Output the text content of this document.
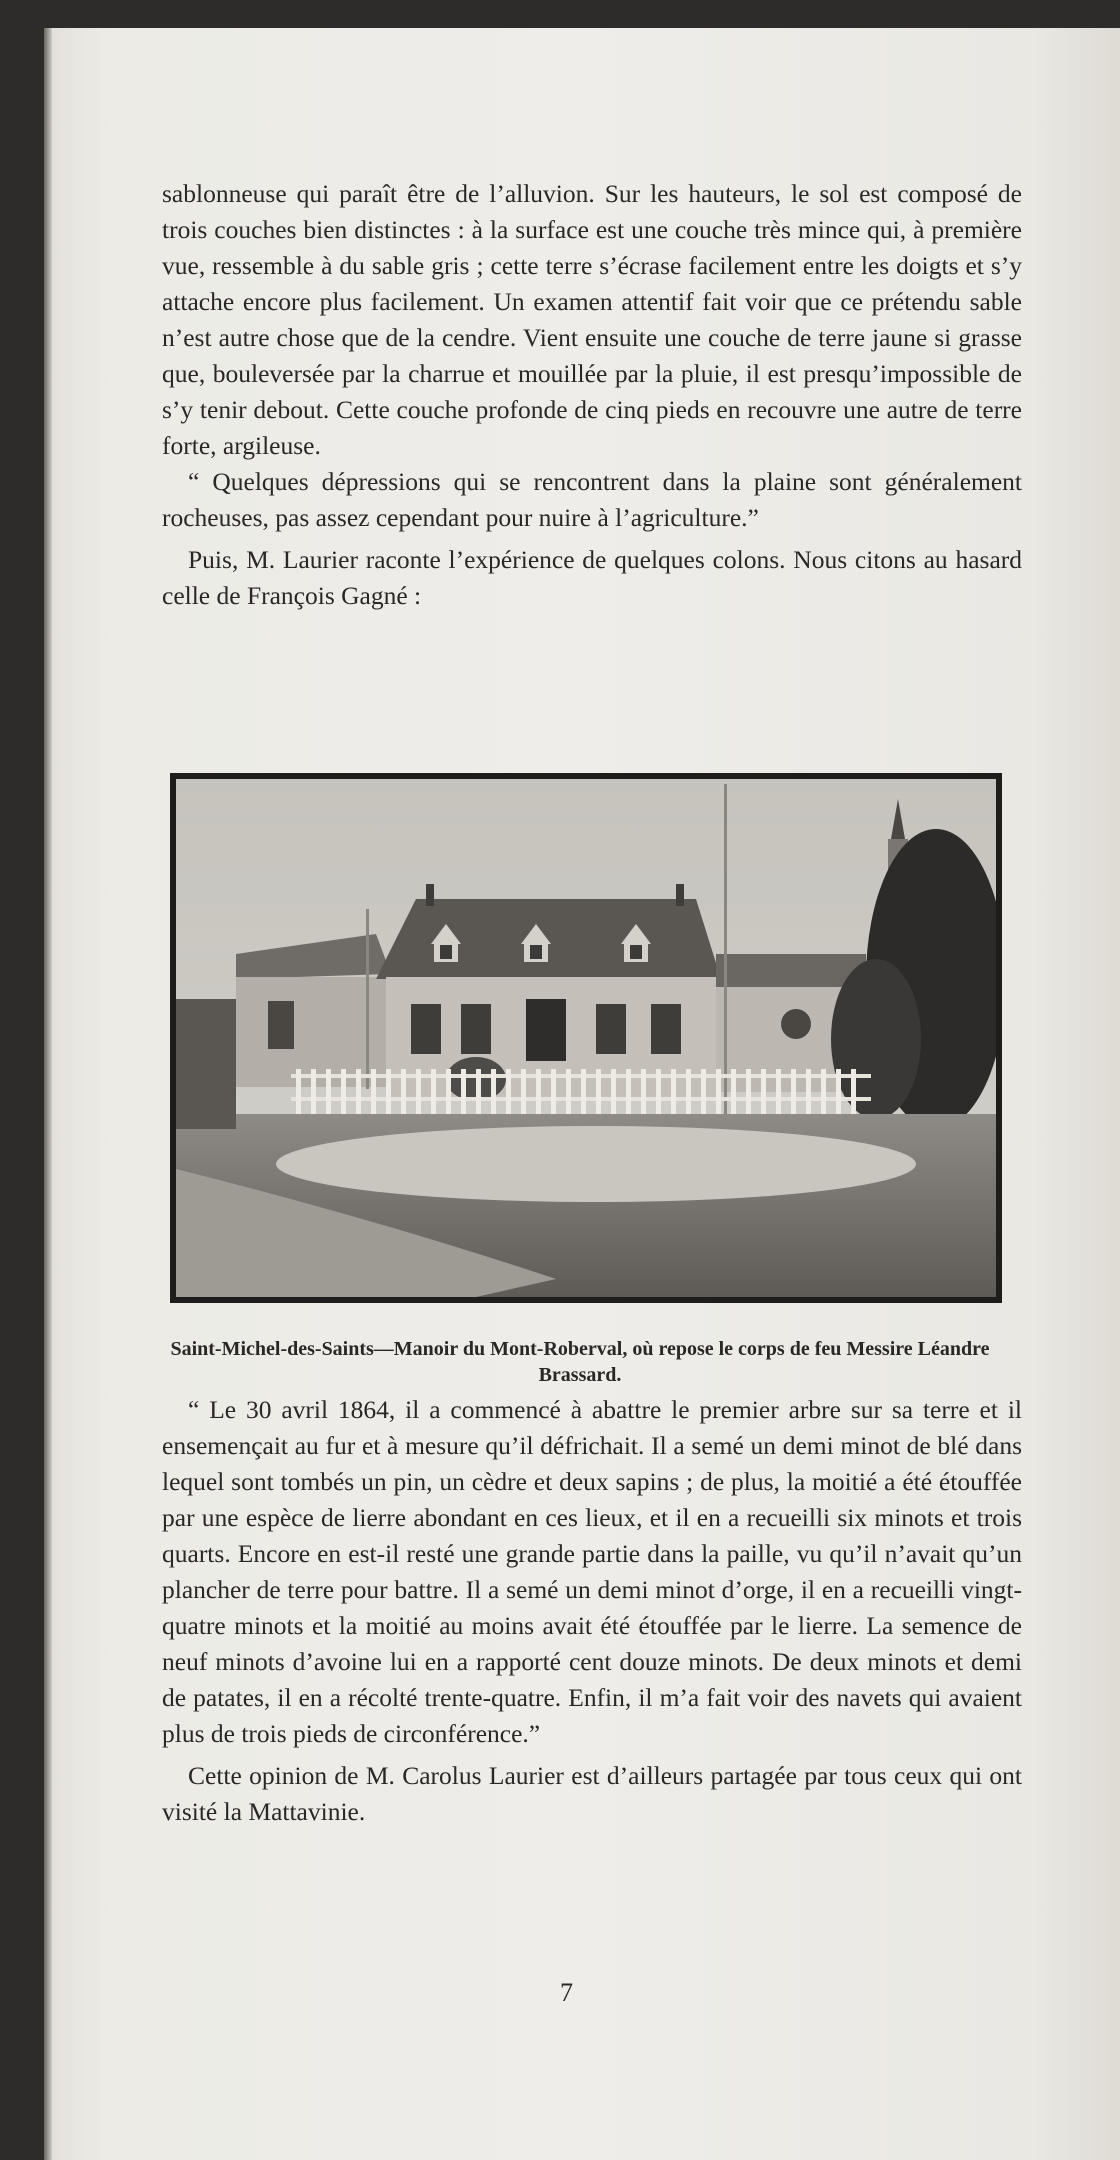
sablonneuse qui paraît être de l’alluvion. Sur les hauteurs, le sol est composé de trois couches bien distinctes : à la surface est une couche très mince qui, à première vue, ressemble à du sable gris ; cette terre s’écrase facilement entre les doigts et s’y attache encore plus facilement. Un examen attentif fait voir que ce prétendu sable n’est autre chose que de la cendre. Vient ensuite une couche de terre jaune si grasse que, bouleversée par la charrue et mouillée par la pluie, il est presqu’impossible de s’y tenir debout. Cette couche profonde de cinq pieds en recouvre une autre de terre forte, argileuse.

“ Quelques dépressions qui se rencontrent dans la plaine sont généralement rocheuses, pas assez cependant pour nuire à l’agriculture.”

Puis, M. Laurier raconte l’expérience de quelques colons. Nous citons au hasard celle de François Gagné :

Saint-Michel-des-Saints—Manoir du Mont-Roberval, où repose le corps de feu Messire Léandre Brassard.

“ Le 30 avril 1864, il a commencé à abattre le premier arbre sur sa terre et il ensemençait au fur et à mesure qu’il défrichait. Il a semé un demi minot de blé dans lequel sont tombés un pin, un cèdre et deux sapins ; de plus, la moitié a été étouffée par une espèce de lierre abondant en ces lieux, et il en a recueilli six minots et trois quarts. Encore en est-il resté une grande partie dans la paille, vu qu’il n’avait qu’un plancher de terre pour battre. Il a semé un demi minot d’orge, il en a recueilli vingt-quatre minots et la moitié au moins avait été étouffée par le lierre. La semence de neuf minots d’avoine lui en a rapporté cent douze minots. De deux minots et demi de patates, il en a récolté trente-quatre. Enfin, il m’a fait voir des navets qui avaient plus de trois pieds de circonférence.”

Cette opinion de M. Carolus Laurier est d’ailleurs partagée par tous ceux qui ont visité la Mattavinie.

7
